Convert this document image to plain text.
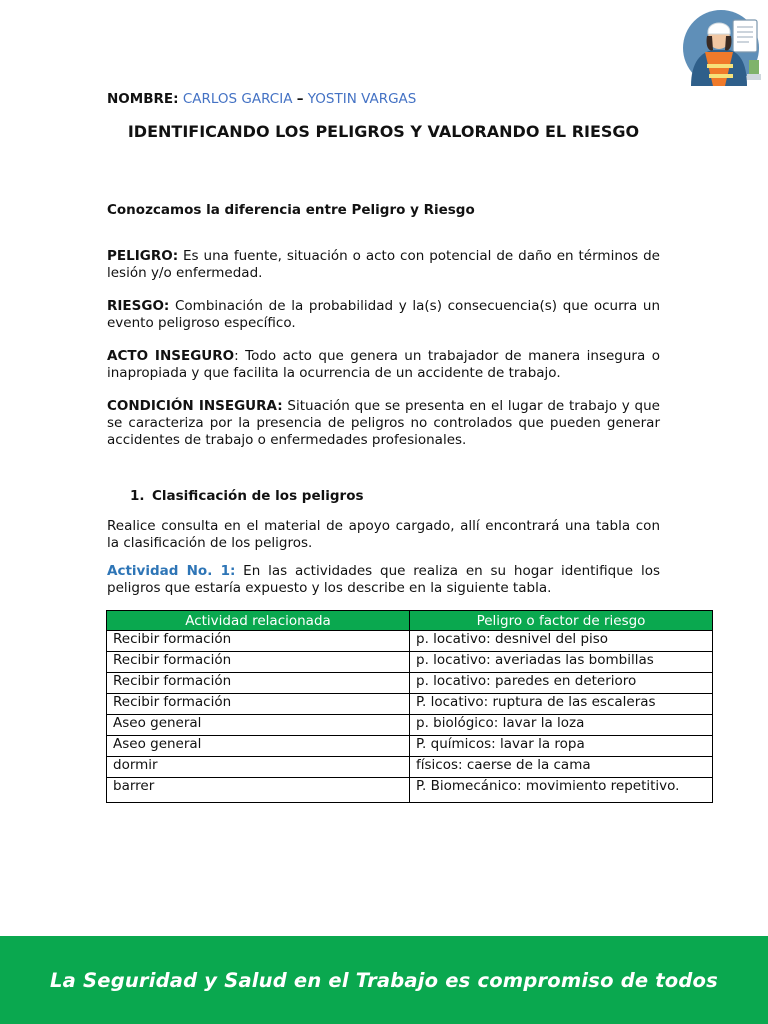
NOMBRE: CARLOS GARCIA – YOSTIN VARGAS
IDENTIFICANDO LOS PELIGROS Y VALORANDO EL RIESGO
Conozcamos la diferencia entre Peligro y Riesgo

PELIGRO: Es una fuente, situación o acto con potencial de daño en términos de lesión y/o enfermedad.

RIESGO: Combinación de la probabilidad y la(s) consecuencia(s) que ocurra un evento peligroso específico.

ACTO INSEGURO: Todo acto que genera un trabajador de manera insegura o inapropiada y que facilita la ocurrencia de un accidente de trabajo.

CONDICIÓN INSEGURA: Situación que se presenta en el lugar de trabajo y que se caracteriza por la presencia de peligros no controlados que pueden generar accidentes de trabajo o enfermedades profesionales.

1. Clasificación de los peligros

Realice consulta en el material de apoyo cargado, allí encontrará una tabla con la clasificación de los peligros.

Actividad No. 1: En las actividades que realiza en su hogar identifique los peligros que estaría expuesto y los describe en la siguiente tabla.

Actividad relacionada	Peligro o factor de riesgo
Recibir formación	p. locativo: desnivel del piso
Recibir formación	p. locativo: averiadas las bombillas
Recibir formación	p. locativo: paredes en deterioro
Recibir formación	P. locativo: ruptura de las escaleras
Aseo general	p. biológico: lavar la loza
Aseo general	P. químicos: lavar la ropa
dormir	físicos: caerse de la cama
barrer	P. Biomecánico: movimiento repetitivo.
La Seguridad y Salud en el Trabajo es compromiso de todos
